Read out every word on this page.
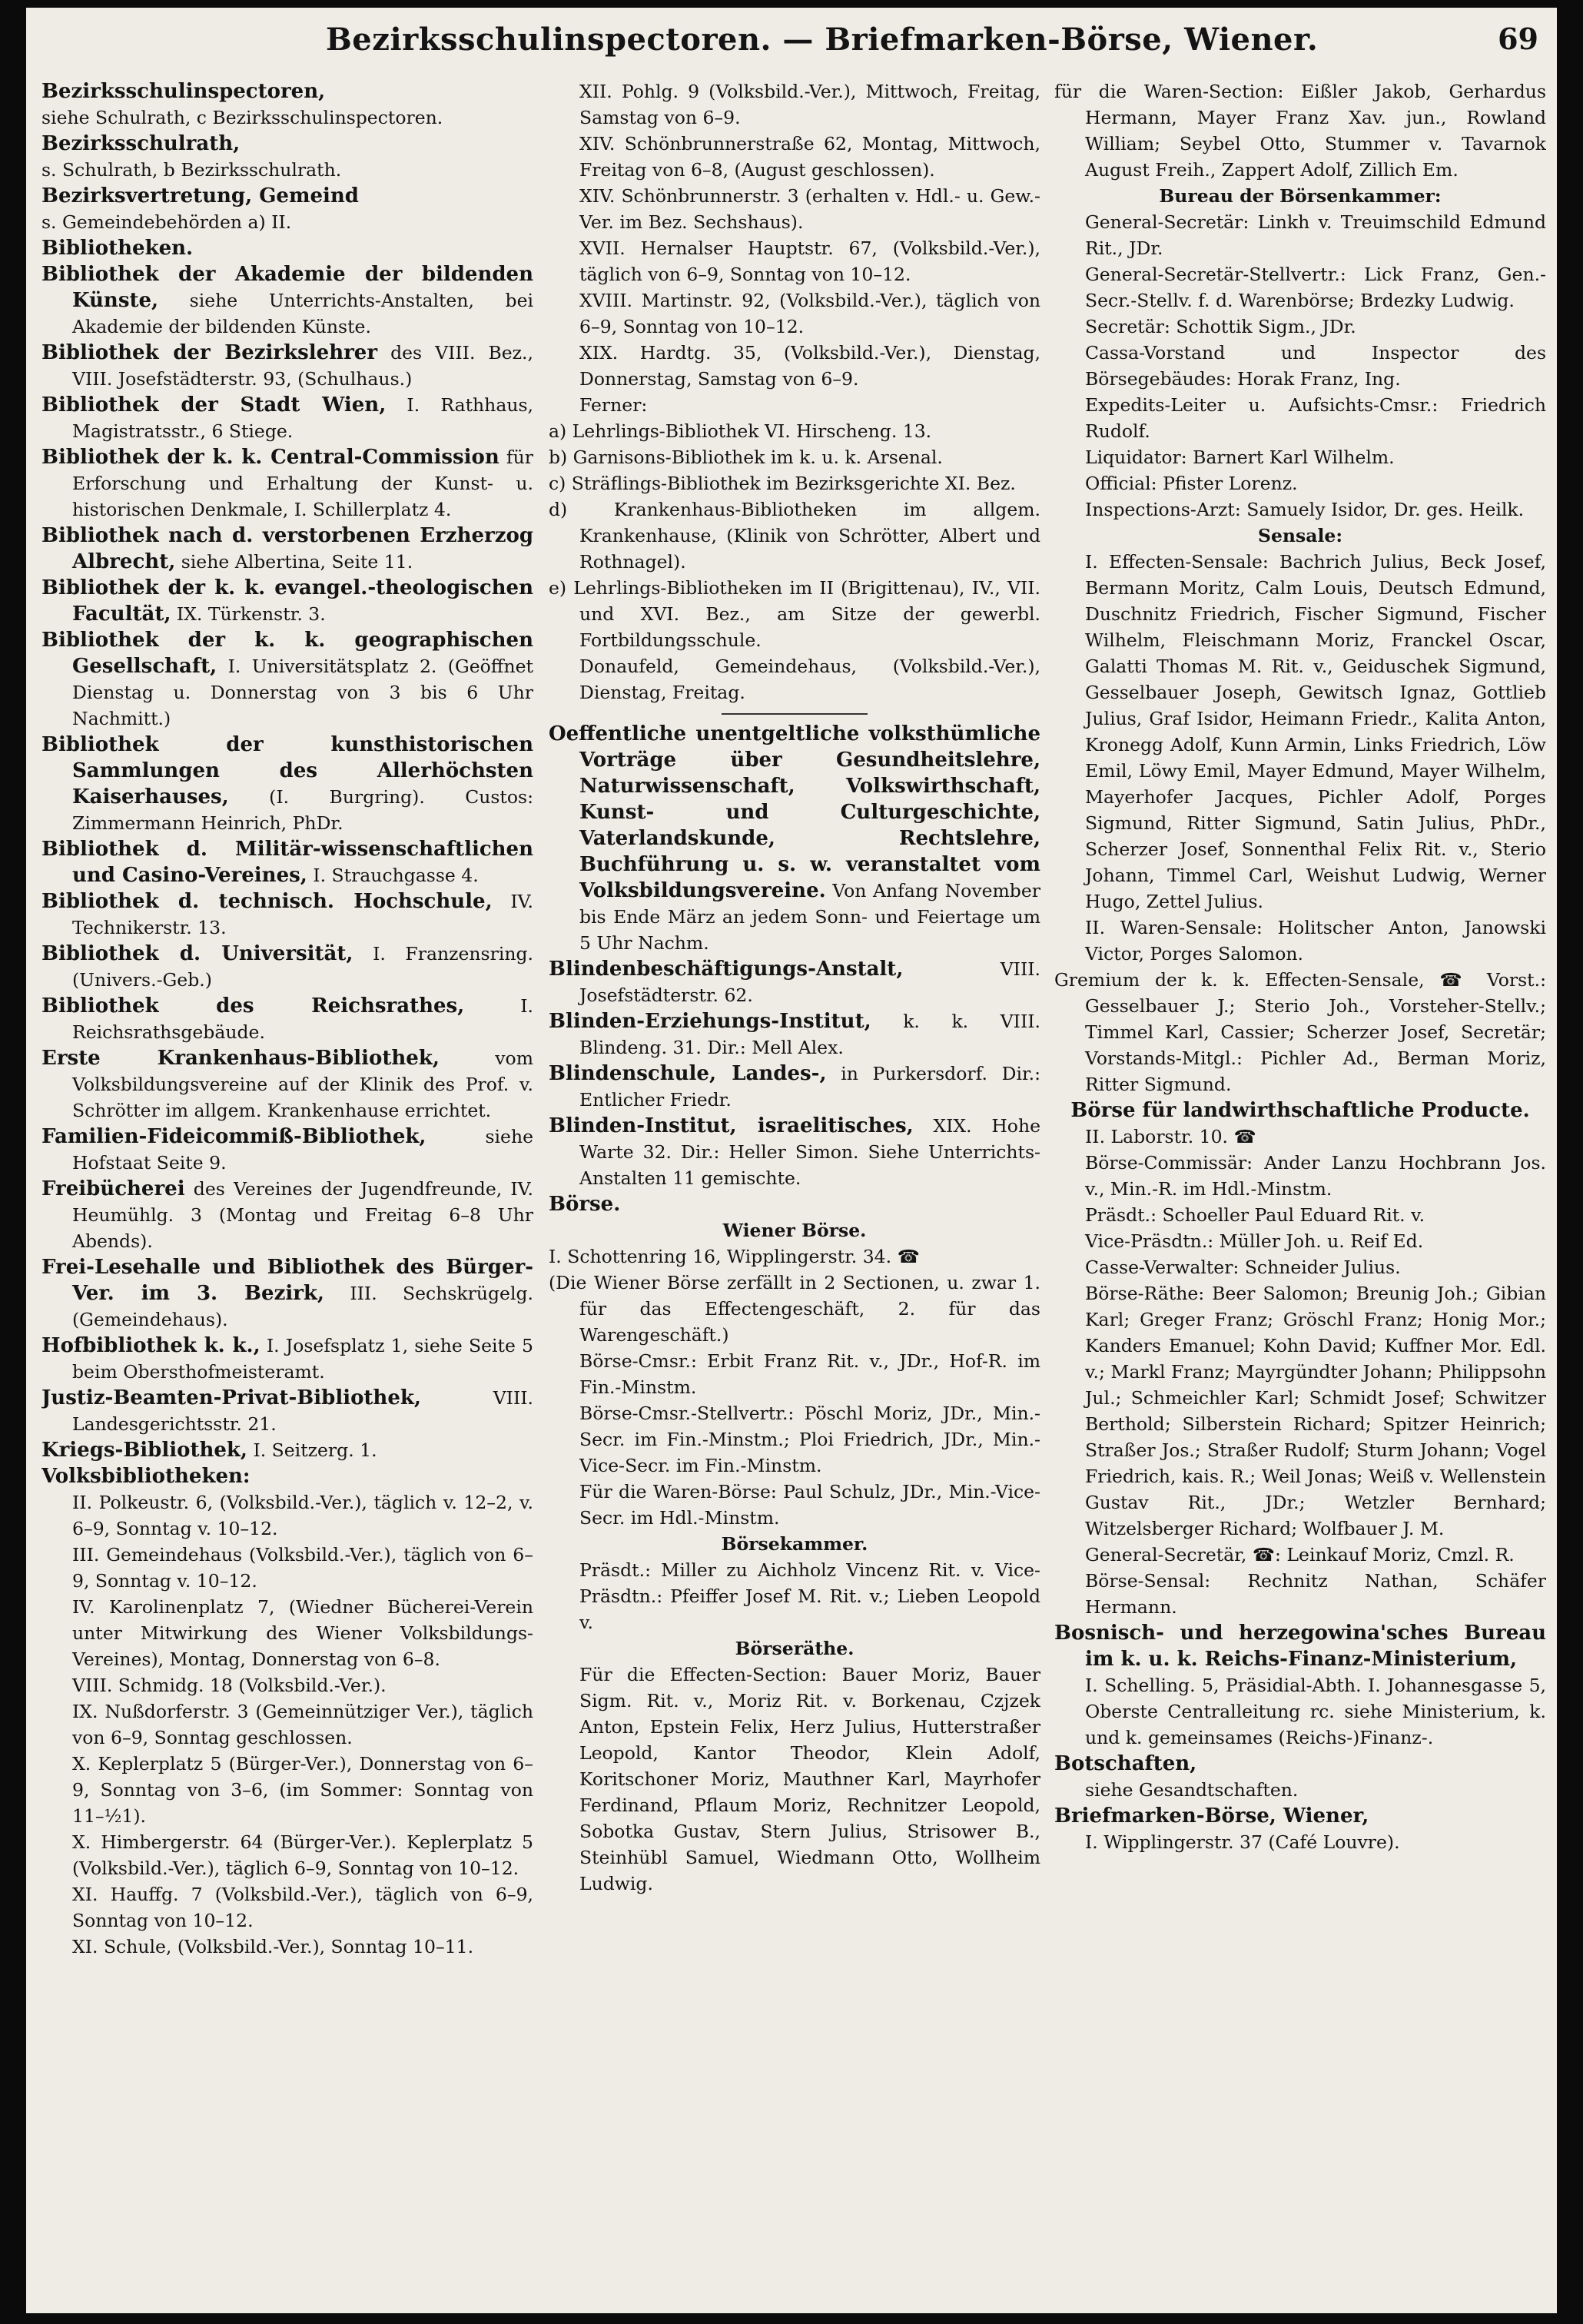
Bezirksschulinspectoren. — Briefmarken-Börse, Wiener.	69

Bezirksschulinspectoren,

siehe Schulrath, c Bezirksschulinspectoren.

Bezirksschulrath,

s. Schulrath, b Bezirksschulrath.

Bezirksvertretung, Gemeind

s. Gemeindebehörden a) II.

Bibliotheken.

Bibliothek der Akademie der bildenden Künste, siehe Unterrichts-Anstalten, bei Akademie der bildenden Künste.

Bibliothek der Bezirkslehrer des VIII. Bez., VIII. Josefstädterstr. 93, (Schulhaus.)

Bibliothek der Stadt Wien, I. Rathhaus, Magistratsstr., 6 Stiege.

Bibliothek der k. k. Central-Commission für Erforschung und Erhaltung der Kunst- u. historischen Denkmale, I. Schillerplatz 4.

Bibliothek nach d. verstorbenen Erzherzog Albrecht, siehe Albertina, Seite 11.

Bibliothek der k. k. evangel.-theologischen Facultät, IX. Türkenstr. 3.

Bibliothek der k. k. geographischen Gesellschaft, I. Universitätsplatz 2. (Geöffnet Dienstag u. Donnerstag von 3 bis 6 Uhr Nachmitt.)

Bibliothek der kunsthistorischen Sammlungen des Allerhöchsten Kaiserhauses, (I. Burgring). Custos: Zimmermann Heinrich, PhDr.

Bibliothek d. Militär-wissenschaftlichen und Casino-Vereines, I. Strauchgasse 4.

Bibliothek d. technisch. Hochschule, IV. Technikerstr. 13.

Bibliothek d. Universität, I. Franzensring. (Univers.-Geb.)

Bibliothek des Reichsrathes, I. Reichsrathsgebäude.

Erste Krankenhaus-Bibliothek, vom Volksbildungsvereine auf der Klinik des Prof. v. Schrötter im allgem. Krankenhause errichtet.

Familien-Fideicommiß-Bibliothek, siehe Hofstaat Seite 9.

Freibücherei des Vereines der Jugendfreunde, IV. Heumühlg. 3 (Montag und Freitag 6–8 Uhr Abends).

Frei-Lesehalle und Bibliothek des Bürger-Ver. im 3. Bezirk, III. Sechskrügelg. (Gemeindehaus).

Hofbibliothek k. k., I. Josefsplatz 1, siehe Seite 5 beim Obersthofmeisteramt.

Justiz-Beamten-Privat-Bibliothek, VIII. Landesgerichtsstr. 21.

Kriegs-Bibliothek, I. Seitzerg. 1.

Volksbibliotheken:

II. Polkeustr. 6, (Volksbild.-Ver.), täglich v. 12–2, v. 6–9, Sonntag v. 10–12.

III. Gemeindehaus (Volksbild.-Ver.), täglich von 6–9, Sonntag v. 10–12.

IV. Karolinenplatz 7, (Wiedner Bücherei-Verein unter Mitwirkung des Wiener Volksbildungs-Vereines), Montag, Donnerstag von 6–8.

VIII. Schmidg. 18 (Volksbild.-Ver.).

IX. Nußdorferstr. 3 (Gemeinnütziger Ver.), täglich von 6–9, Sonntag geschlossen.

X. Keplerplatz 5 (Bürger-Ver.), Donnerstag von 6–9, Sonntag von 3–6, (im Sommer: Sonntag von 11–½1).

X. Himbergerstr. 64 (Bürger-Ver.). Keplerplatz 5 (Volksbild.-Ver.), täglich 6–9, Sonntag von 10–12.

XI. Hauffg. 7 (Volksbild.-Ver.), täglich von 6–9, Sonntag von 10–12.

XI. Schule, (Volksbild.-Ver.), Sonntag 10–11.

XII. Pohlg. 9 (Volksbild.-Ver.), Mittwoch, Freitag, Samstag von 6–9.

XIV. Schönbrunnerstraße 62, Montag, Mittwoch, Freitag von 6–8, (August geschlossen).

XIV. Schönbrunnerstr. 3 (erhalten v. Hdl.- u. Gew.-Ver. im Bez. Sechshaus).

XVII. Hernalser Hauptstr. 67, (Volksbild.-Ver.), täglich von 6–9, Sonntag von 10–12.

XVIII. Martinstr. 92, (Volksbild.-Ver.), täglich von 6–9, Sonntag von 10–12.

XIX. Hardtg. 35, (Volksbild.-Ver.), Dienstag, Donnerstag, Samstag von 6–9.

Ferner:

a) Lehrlings-Bibliothek VI. Hirscheng. 13.

b) Garnisons-Bibliothek im k. u. k. Arsenal.

c) Sträflings-Bibliothek im Bezirksgerichte XI. Bez.

d) Krankenhaus-Bibliotheken im allgem. Krankenhause, (Klinik von Schrötter, Albert und Rothnagel).

e) Lehrlings-Bibliotheken im II (Brigittenau), IV., VII. und XVI. Bez., am Sitze der gewerbl. Fortbildungsschule.

Donaufeld, Gemeindehaus, (Volksbild.-Ver.), Dienstag, Freitag.

Oeffentliche unentgeltliche volksthümliche Vorträge über Gesundheitslehre, Naturwissenschaft, Volkswirthschaft, Kunst- und Culturgeschichte, Vaterlandskunde, Rechtslehre, Buchführung u. s. w. veranstaltet vom Volksbildungsvereine. Von Anfang November bis Ende März an jedem Sonn- und Feiertage um 5 Uhr Nachm.

Blindenbeschäftigungs-Anstalt, VIII. Josefstädterstr. 62.

Blinden-Erziehungs-Institut, k. k. VIII. Blindeng. 31. Dir.: Mell Alex.

Blindenschule, Landes-, in Purkersdorf. Dir.: Entlicher Friedr.

Blinden-Institut, israelitisches, XIX. Hohe Warte 32. Dir.: Heller Simon. Siehe Unterrichts-Anstalten 11 gemischte.

Börse.

Wiener Börse.

I. Schottenring 16, Wipplingerstr. 34. ☎

(Die Wiener Börse zerfällt in 2 Sectionen, u. zwar 1. für das Effectengeschäft, 2. für das Warengeschäft.)

Börse-Cmsr.: Erbit Franz Rit. v., JDr., Hof-R. im Fin.-Minstm.

Börse-Cmsr.-Stellvertr.: Pöschl Moriz, JDr., Min.-Secr. im Fin.-Minstm.; Ploi Friedrich, JDr., Min.-Vice-Secr. im Fin.-Minstm.

Für die Waren-Börse: Paul Schulz, JDr., Min.-Vice-Secr. im Hdl.-Minstm.

Börsekammer.

Präsdt.: Miller zu Aichholz Vincenz Rit. v. Vice-Präsdtn.: Pfeiffer Josef M. Rit. v.; Lieben Leopold v.

Börseräthe.

Für die Effecten-Section: Bauer Moriz, Bauer Sigm. Rit. v., Moriz Rit. v. Borkenau, Czjzek Anton, Epstein Felix, Herz Julius, Hutterstraßer Leopold, Kantor Theodor, Klein Adolf, Koritschoner Moriz, Mauthner Karl, Mayrhofer Ferdinand, Pflaum Moriz, Rechnitzer Leopold, Sobotka Gustav, Stern Julius, Strisower B., Steinhübl Samuel, Wiedmann Otto, Wollheim Ludwig.

für die Waren-Section: Eißler Jakob, Gerhardus Hermann, Mayer Franz Xav. jun., Rowland William; Seybel Otto, Stummer v. Tavarnok August Freih., Zappert Adolf, Zillich Em.

Bureau der Börsenkammer:

General-Secretär: Linkh v. Treuimschild Edmund Rit., JDr.

General-Secretär-Stellvertr.: Lick Franz, Gen.-Secr.-Stellv. f. d. Warenbörse; Brdezky Ludwig.

Secretär: Schottik Sigm., JDr.

Cassa-Vorstand und Inspector des Börsegebäudes: Horak Franz, Ing.

Expedits-Leiter u. Aufsichts-Cmsr.: Friedrich Rudolf.

Liquidator: Barnert Karl Wilhelm.

Official: Pfister Lorenz.

Inspections-Arzt: Samuely Isidor, Dr. ges. Heilk.

Sensale:

I. Effecten-Sensale: Bachrich Julius, Beck Josef, Bermann Moritz, Calm Louis, Deutsch Edmund, Duschnitz Friedrich, Fischer Sigmund, Fischer Wilhelm, Fleischmann Moriz, Franckel Oscar, Galatti Thomas M. Rit. v., Geiduschek Sigmund, Gesselbauer Joseph, Gewitsch Ignaz, Gottlieb Julius, Graf Isidor, Heimann Friedr., Kalita Anton, Kronegg Adolf, Kunn Armin, Links Friedrich, Löw Emil, Löwy Emil, Mayer Edmund, Mayer Wilhelm, Mayerhofer Jacques, Pichler Adolf, Porges Sigmund, Ritter Sigmund, Satin Julius, PhDr., Scherzer Josef, Sonnenthal Felix Rit. v., Sterio Johann, Timmel Carl, Weishut Ludwig, Werner Hugo, Zettel Julius.

II. Waren-Sensale: Holitscher Anton, Janowski Victor, Porges Salomon.

Gremium der k. k. Effecten-Sensale, ☎ Vorst.: Gesselbauer J.; Sterio Joh., Vorsteher-Stellv.; Timmel Karl, Cassier; Scherzer Josef, Secretär; Vorstands-Mitgl.: Pichler Ad., Berman Moriz, Ritter Sigmund.

Börse für landwirthschaftliche Producte.

II. Laborstr. 10. ☎

Börse-Commissär: Ander Lanzu Hochbrann Jos. v., Min.-R. im Hdl.-Minstm.

Präsdt.: Schoeller Paul Eduard Rit. v.

Vice-Präsdtn.: Müller Joh. u. Reif Ed.

Casse-Verwalter: Schneider Julius.

Börse-Räthe: Beer Salomon; Breunig Joh.; Gibian Karl; Greger Franz; Gröschl Franz; Honig Mor.; Kanders Emanuel; Kohn David; Kuffner Mor. Edl. v.; Markl Franz; Mayrgündter Johann; Philippsohn Jul.; Schmeichler Karl; Schmidt Josef; Schwitzer Berthold; Silberstein Richard; Spitzer Heinrich; Straßer Jos.; Straßer Rudolf; Sturm Johann; Vogel Friedrich, kais. R.; Weil Jonas; Weiß v. Wellenstein Gustav Rit., JDr.; Wetzler Bernhard; Witzelsberger Richard; Wolfbauer J. M.

General-Secretär, ☎: Leinkauf Moriz, Cmzl. R.

Börse-Sensal: Rechnitz Nathan, Schäfer Hermann.

Bosnisch- und herzegowina'sches Bureau im k. u. k. Reichs-Finanz-Ministerium,

I. Schelling. 5, Präsidial-Abth. I. Johannesgasse 5, Oberste Centralleitung rc. siehe Ministerium, k. und k. gemeinsames (Reichs-)Finanz-.

Botschaften,

siehe Gesandtschaften.

Briefmarken-Börse, Wiener,

I. Wipplingerstr. 37 (Café Louvre).
